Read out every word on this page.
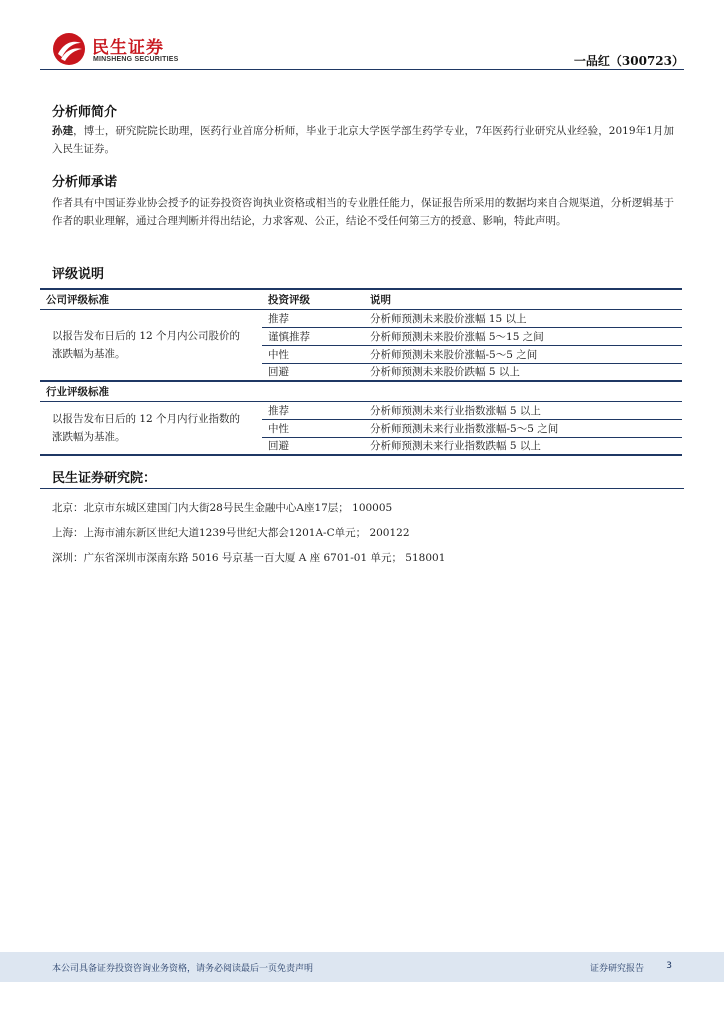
民生证券
MINSHENG SECURITIES	一品红（300723）
分析师简介
孙建，博士，研究院院长助理，医药行业首席分析师，毕业于北京大学医学部生药学专业，7年医药行业研究从业经验，2019年1月加入民生证券。
分析师承诺
作者具有中国证券业协会授予的证券投资咨询执业资格或相当的专业胜任能力，保证报告所采用的数据均来自合规渠道，分析逻辑基于作者的职业理解，通过合理判断并得出结论，力求客观、公正，结论不受任何第三方的授意、影响，特此声明。
评级说明
公司评级标准	投资评级	说明
以报告发布日后的 12 个月内公司股价的涨跌幅为基准。	推荐	分析师预测未来股价涨幅 15 以上
	谨慎推荐	分析师预测未来股价涨幅 5～15 之间
	中性	分析师预测未来股价涨幅-5～5 之间
	回避	分析师预测未来股价跌幅 5 以上
行业评级标准		
以报告发布日后的 12 个月内行业指数的涨跌幅为基准。	推荐	分析师预测未来行业指数涨幅 5 以上
	中性	分析师预测未来行业指数涨幅-5～5 之间
	回避	分析师预测未来行业指数跌幅 5 以上
民生证券研究院：
北京：北京市东城区建国门内大街28号民生金融中心A座17层； 100005
上海：上海市浦东新区世纪大道1239号世纪大都会1201A-C单元； 200122
深圳：广东省深圳市深南东路 5016 号京基一百大厦 A 座 6701-01 单元； 518001
本公司具备证券投资咨询业务资格，请务必阅读最后一页免责声明	证券研究报告 3
